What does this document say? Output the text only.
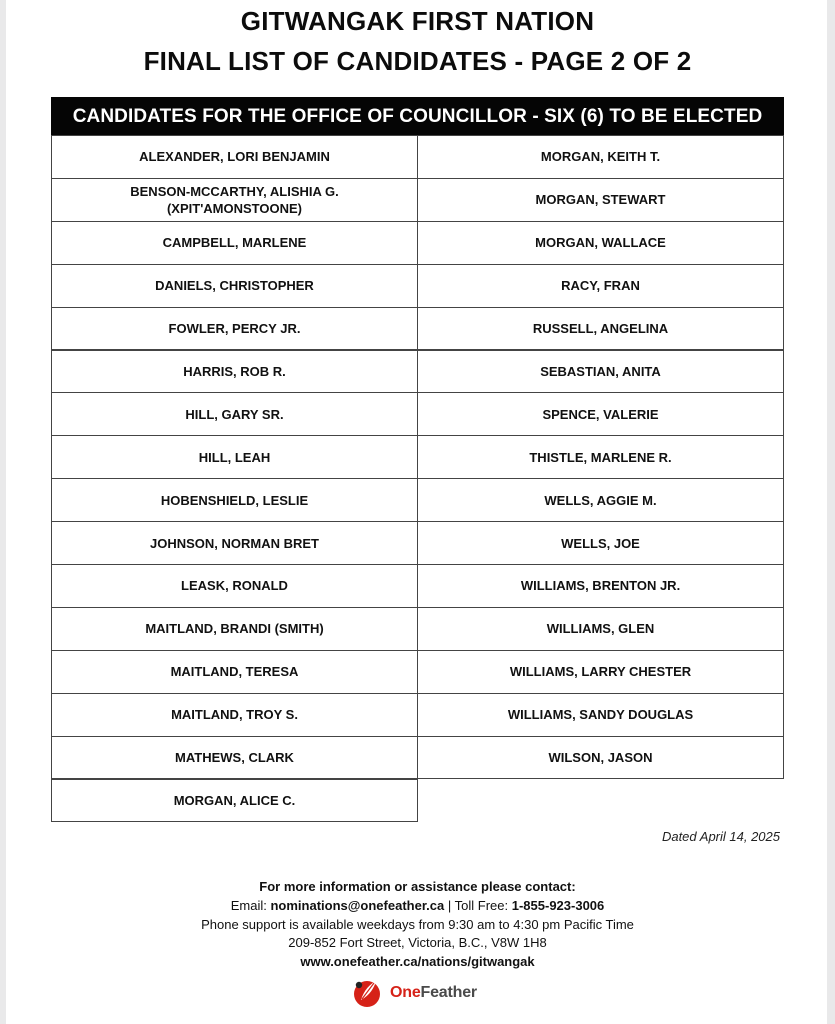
GITWANGAK FIRST NATION
FINAL LIST OF CANDIDATES - PAGE 2 OF 2
CANDIDATES FOR THE OFFICE OF COUNCILLOR - SIX (6) TO BE ELECTED
ALEXANDER, LORI BENJAMIN
BENSON-MCCARTHY, ALISHIA G.
(XPIT'AMONSTOONE)
CAMPBELL, MARLENE
DANIELS, CHRISTOPHER
FOWLER, PERCY JR.
HARRIS, ROB R.
HILL, GARY SR.
HILL, LEAH
HOBENSHIELD, LESLIE
JOHNSON, NORMAN BRET
LEASK, RONALD
MAITLAND, BRANDI (SMITH)
MAITLAND, TERESA
MAITLAND, TROY S.
MATHEWS, CLARK
MORGAN, ALICE C.
MORGAN, KEITH T.
MORGAN, STEWART
MORGAN, WALLACE
RACY, FRAN
RUSSELL, ANGELINA
SEBASTIAN, ANITA
SPENCE, VALERIE
THISTLE, MARLENE R.
WELLS, AGGIE M.
WELLS, JOE
WILLIAMS, BRENTON JR.
WILLIAMS, GLEN
WILLIAMS, LARRY CHESTER
WILLIAMS, SANDY DOUGLAS
WILSON, JASON
Dated April 14, 2025
For more information or assistance please contact:
Email: nominations@onefeather.ca | Toll Free: 1-855-923-3006
Phone support is available weekdays from 9:30 am to 4:30 pm Pacific Time
209-852 Fort Street, Victoria, B.C., V8W 1H8
www.onefeather.ca/nations/gitwangak
OneFeather
